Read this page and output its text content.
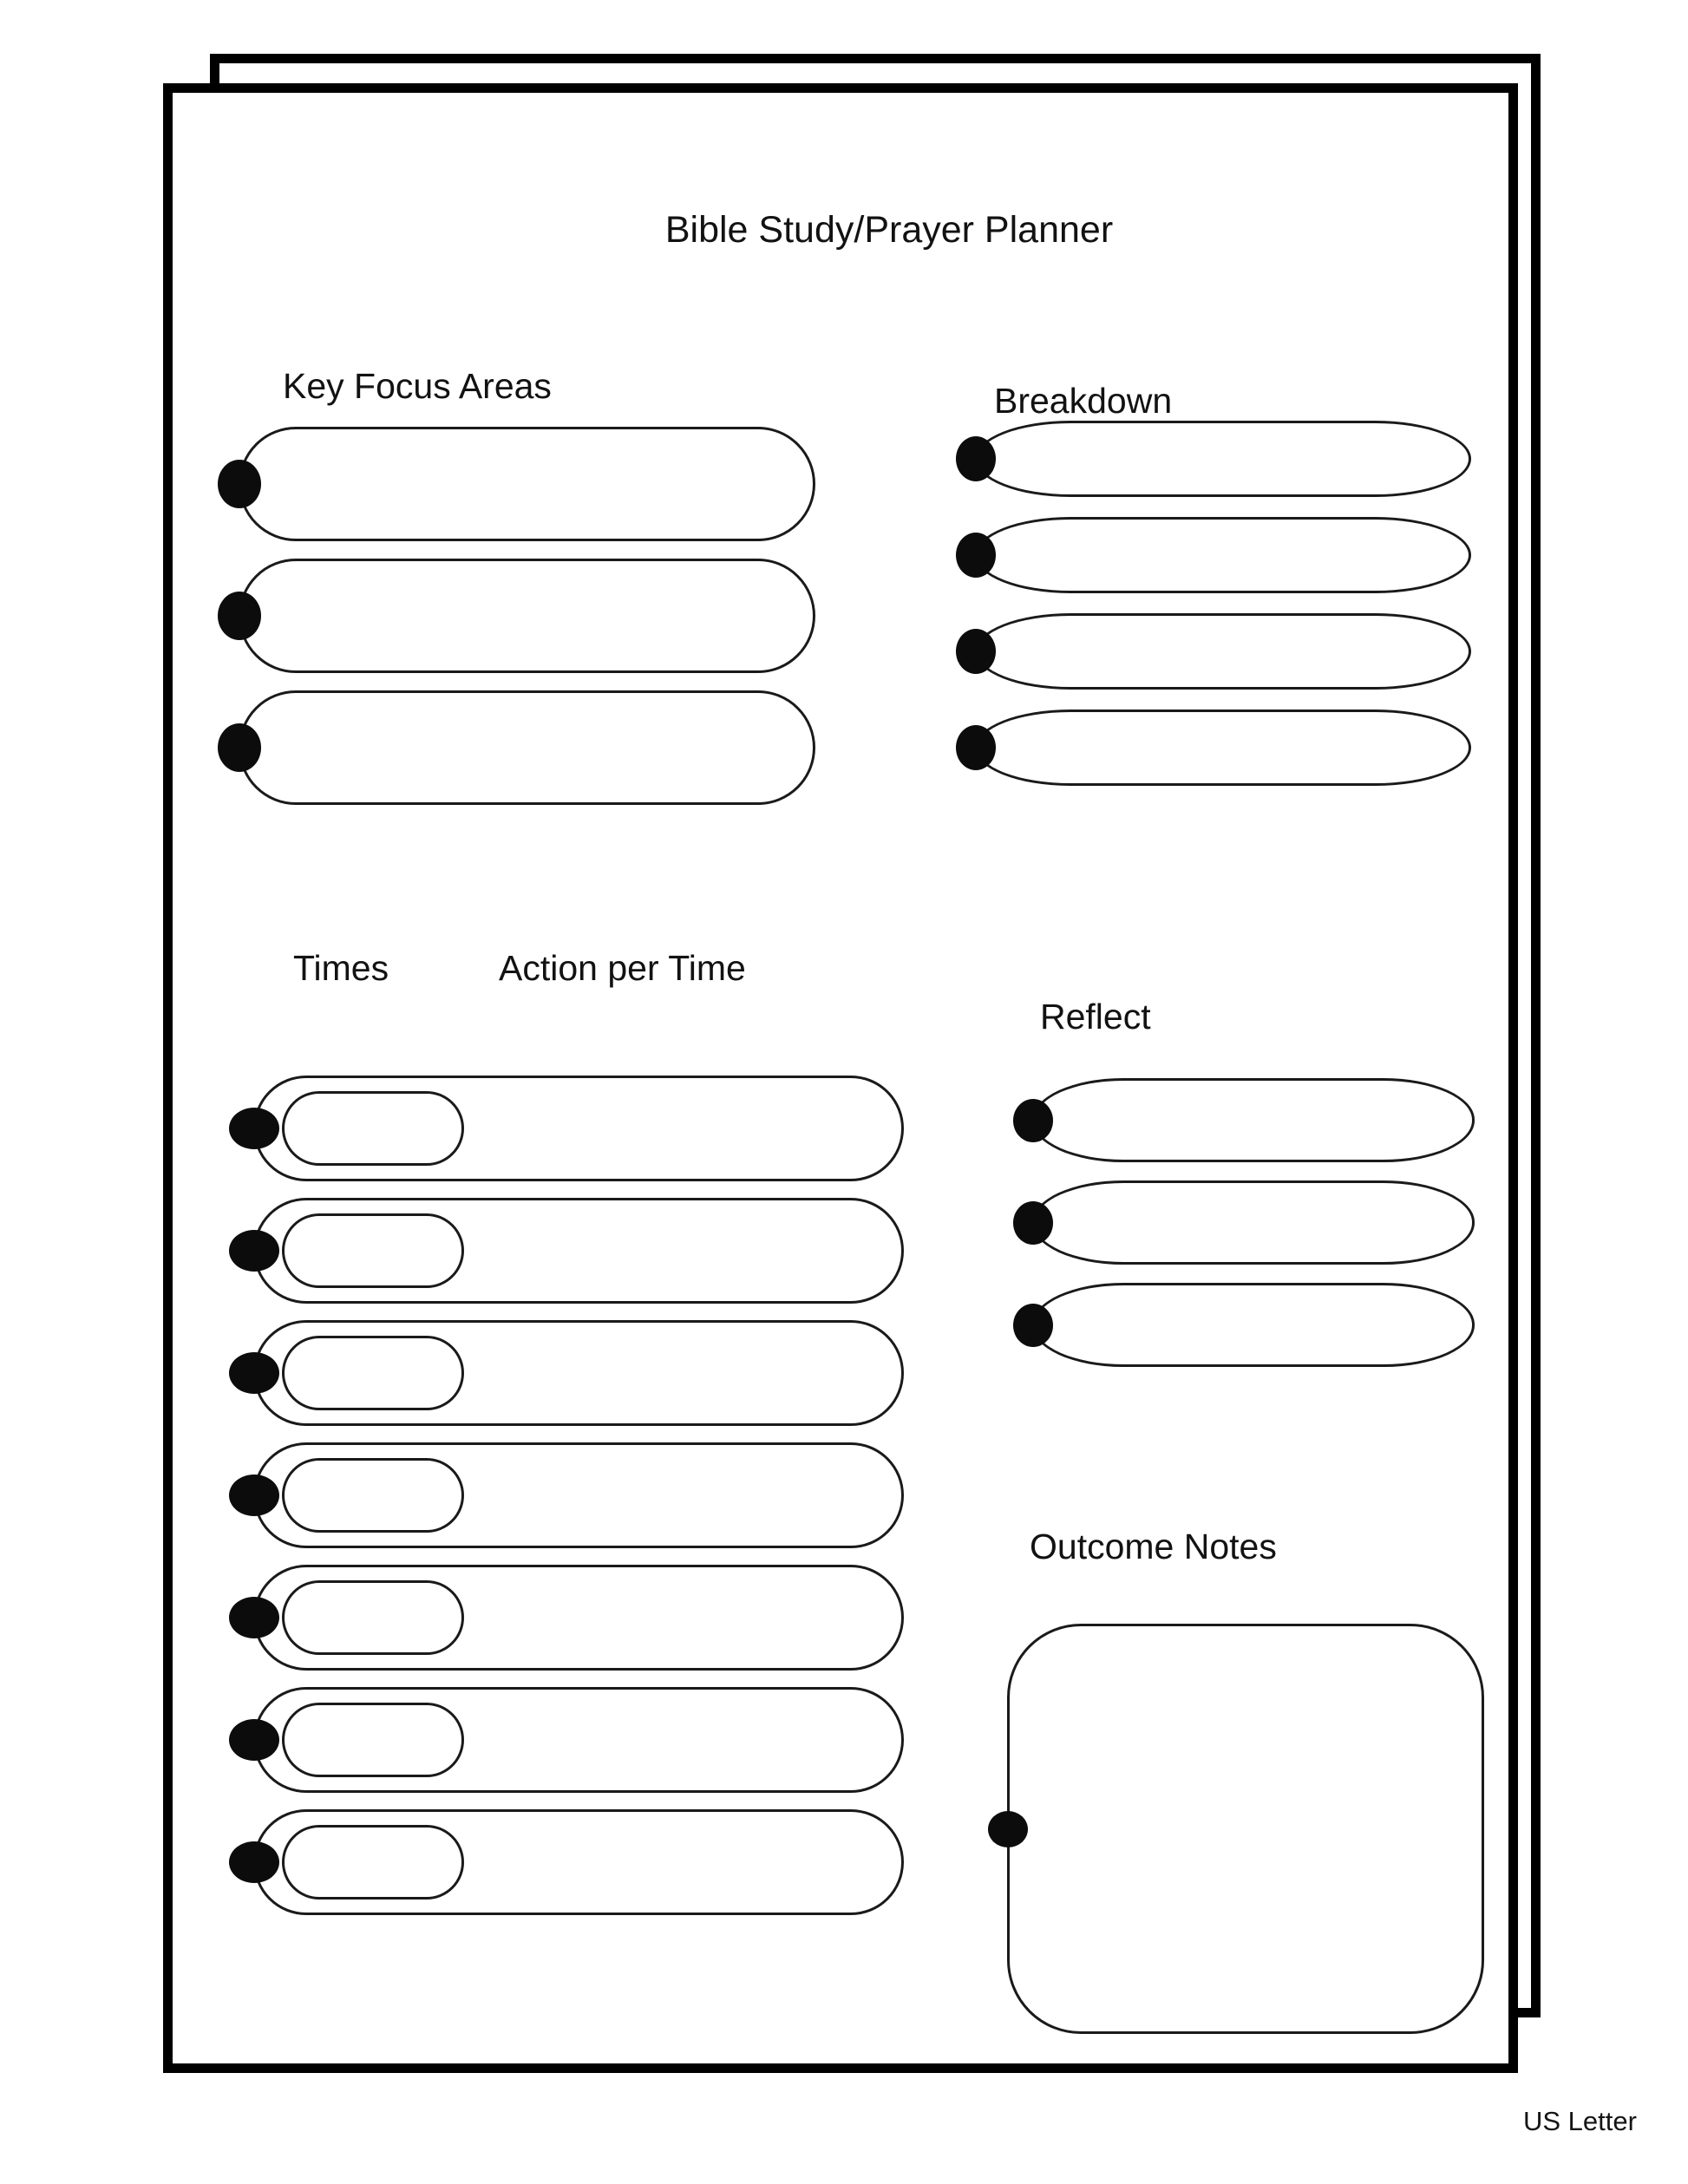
Bible Study/Prayer Planner
Key Focus Areas	Breakdown
Times	Action per Time
Reflect
Outcome Notes
US Letter
